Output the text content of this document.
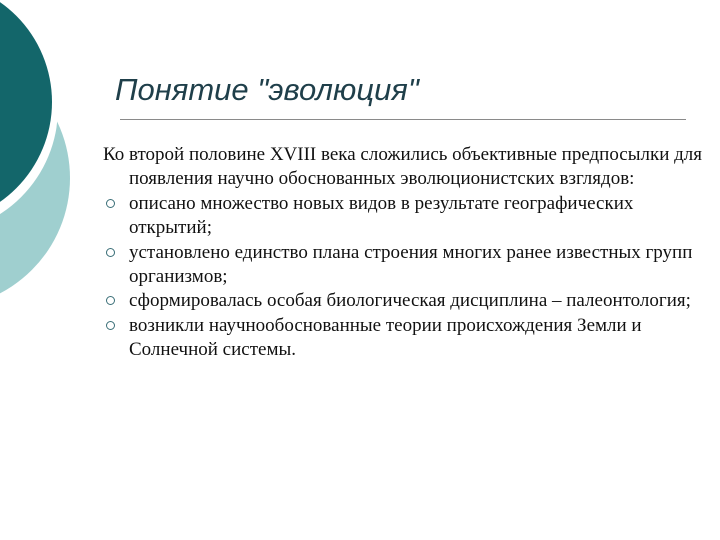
Понятие "эволюция"

Ко второй половине XVIII века сложились объективные предпосылки для появления научно обоснованных эволюционистских взглядов:

описано множество новых видов в результате географических открытий;
установлено единство плана строения многих ранее известных групп организмов;
сформировалась особая биологическая дисциплина – палеонтология;
возникли научнообоснованные теории происхождения Земли и Солнечной системы.
